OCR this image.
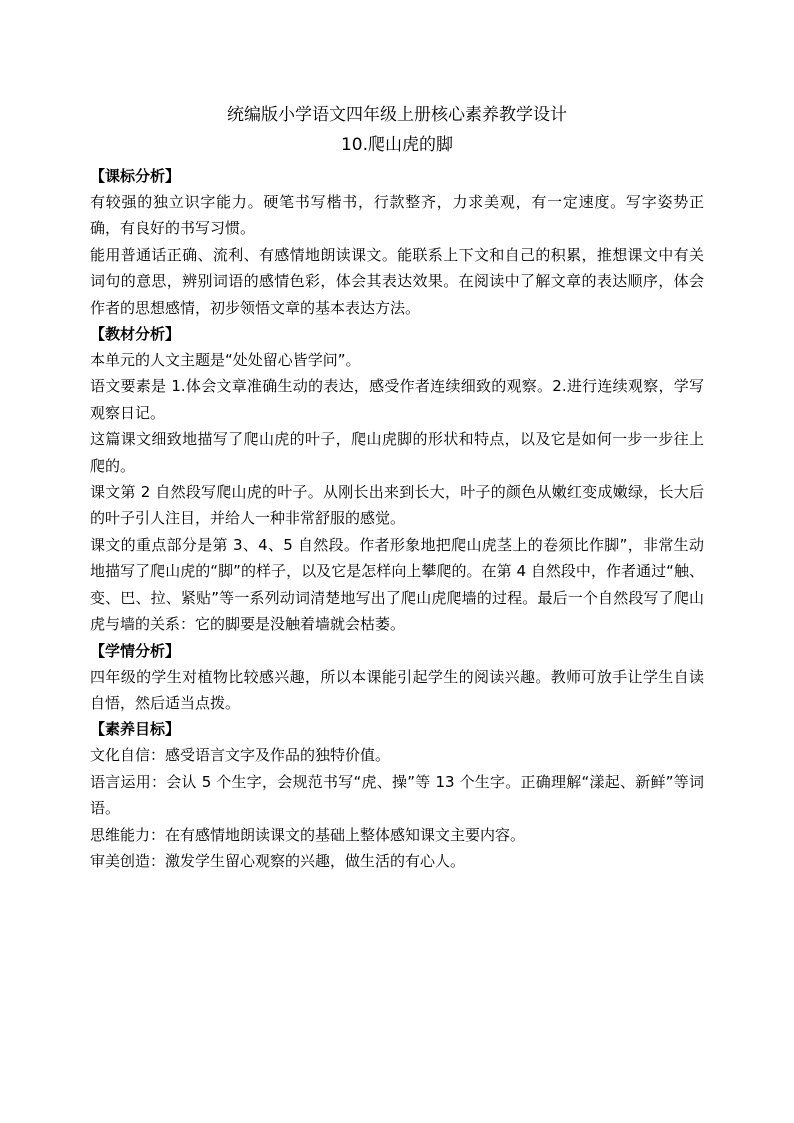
统编版小学语文四年级上册核心素养教学设计
10.爬山虎的脚

【课标分析】

有较强的独立识字能力。硬笔书写楷书，行款整齐，力求美观，有一定速度。写字姿势正确，有良好的书写习惯。

能用普通话正确、流利、有感情地朗读课文。能联系上下文和自己的积累，推想课文中有关词句的意思，辨别词语的感情色彩，体会其表达效果。在阅读中了解文章的表达顺序，体会作者的思想感情，初步领悟文章的基本表达方法。

【教材分析】

本单元的人文主题是“处处留心皆学问”。

语文要素是 1.体会文章准确生动的表达，感受作者连续细致的观察。2.进行连续观察，学写观察日记。

这篇课文细致地描写了爬山虎的叶子，爬山虎脚的形状和特点，以及它是如何一步一步往上爬的。

课文第 2 自然段写爬山虎的叶子。从刚长出来到长大，叶子的颜色从嫩红变成嫩绿，长大后的叶子引人注目，并给人一种非常舒服的感觉。

课文的重点部分是第 3、4、5 自然段。作者形象地把爬山虎茎上的卷须比作脚”，非常生动地描写了爬山虎的“脚”的样子，以及它是怎样向上攀爬的。在第 4 自然段中，作者通过“触、变、巴、拉、紧贴”等一系列动词清楚地写出了爬山虎爬墙的过程。最后一个自然段写了爬山虎与墙的关系：它的脚要是没触着墙就会枯萎。

【学情分析】

四年级的学生对植物比较感兴趣，所以本课能引起学生的阅读兴趣。教师可放手让学生自读自悟，然后适当点拨。

【素养目标】

文化自信：感受语言文字及作品的独特价值。

语言运用：会认 5 个生字，会规范书写“虎、操”等 13 个生字。正确理解“漾起、新鲜”等词语。

思维能力：在有感情地朗读课文的基础上整体感知课文主要内容。

审美创造：激发学生留心观察的兴趣，做生活的有心人。
